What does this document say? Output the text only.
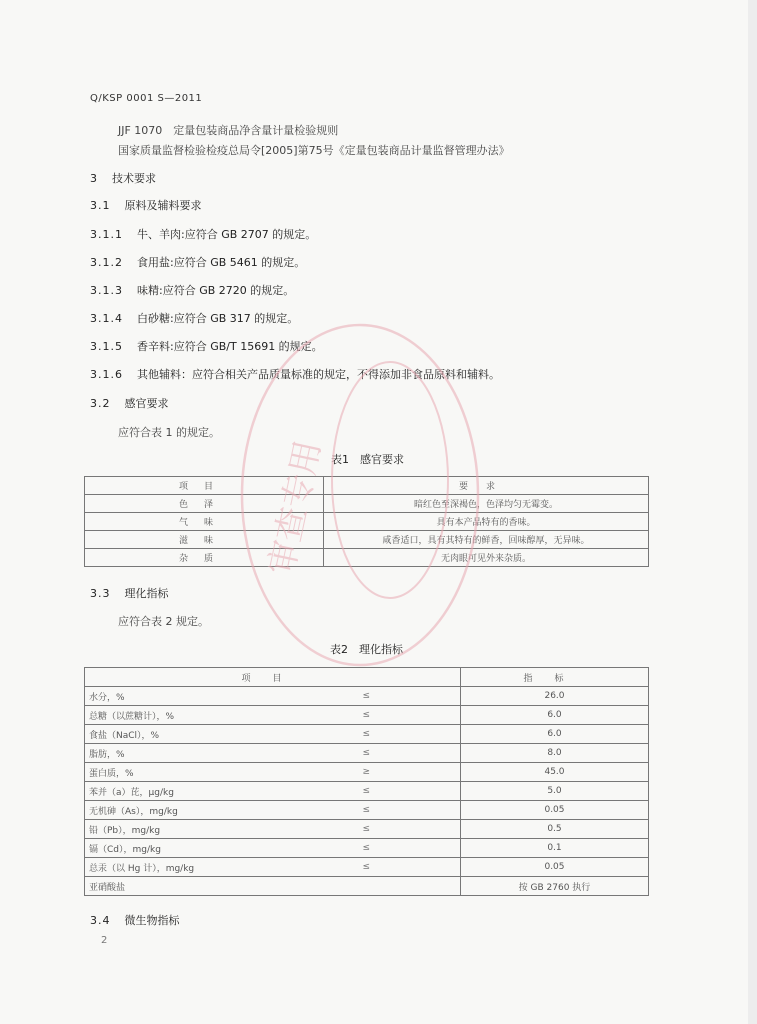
Q/KSP 0001 S—2011
JJF 1070　定量包装商品净含量计量检验规则
国家质量监督检验检疫总局令[2005]第75号《定量包装商品计量监督管理办法》
3 技术要求
3.1 原料及辅料要求
3.1.1 牛、羊肉:应符合 GB 2707 的规定。
3.1.2 食用盐:应符合 GB 5461 的规定。
3.1.3 味精:应符合 GB 2720 的规定。
3.1.4 白砂糖:应符合 GB 317 的规定。
3.1.5 香辛料:应符合 GB/T 15691 的规定。
3.1.6 其他辅料：应符合相关产品质量标准的规定，不得添加非食品原料和辅料。
3.2 感官要求
应符合表 1 的规定。
表1　感官要求
项目	要求
色泽	暗红色至深褐色，色泽均匀无霉变。
气味	具有本产品特有的香味。
滋味	咸香适口，具有其特有的鲜香，回味醇厚，无异味。
杂质	无肉眼可见外来杂质。
3.3 理化指标
应符合表 2 规定。
表2　理化指标
项目		指标
水分，%	≤	26.0
总糖（以蔗糖计），%	≤	6.0
食盐（NaCl），%	≤	6.0
脂肪，%	≤	8.0
蛋白质，%	≥	45.0
苯并（a）芘，μg/kg	≤	5.0
无机砷（As），mg/kg	≤	0.05
铅（Pb），mg/kg	≤	0.5
镉（Cd），mg/kg	≤	0.1
总汞（以 Hg 计），mg/kg	≤	0.05
亚硝酸盐		按 GB 2760 执行
3.4 微生物指标
2
审查专用
